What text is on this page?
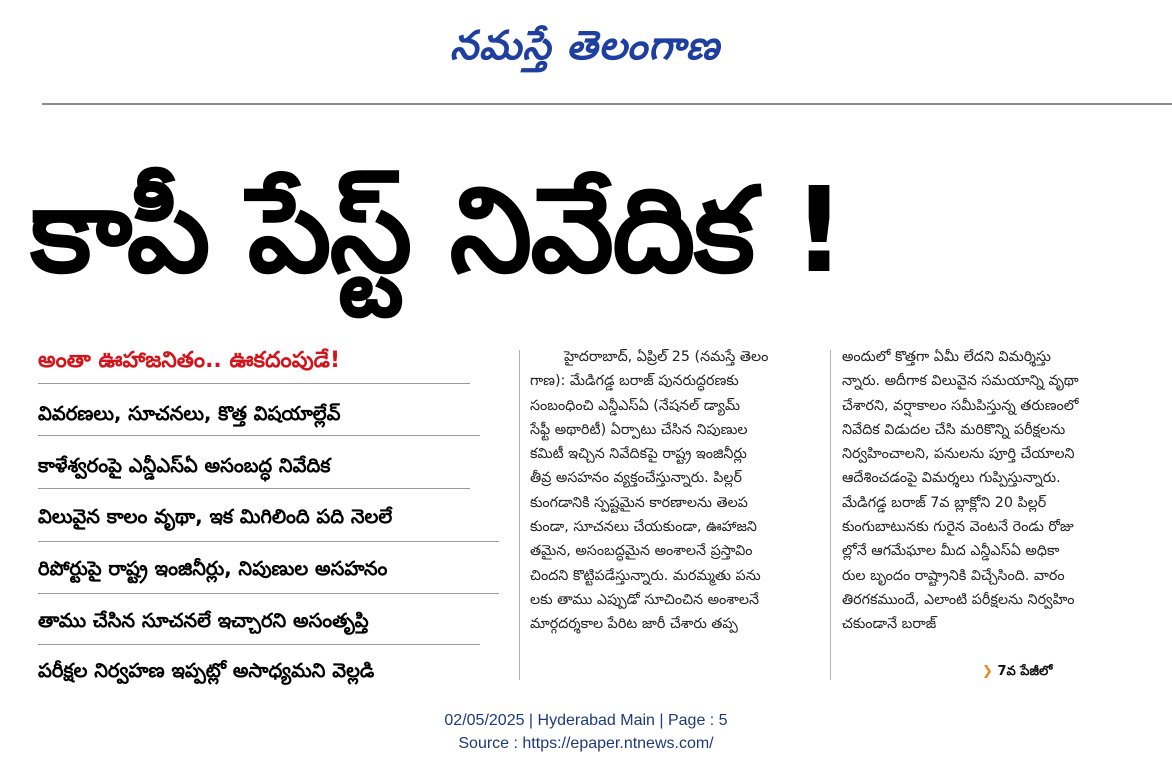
నమస్తే తెలంగాణ
కాపీ పేస్ట్ నివేదిక !
అంతా ఊహాజనితం.. ఊకదంపుడే!
వివరణలు, సూచనలు, కొత్త విషయాల్లేవ్
కాళేశ్వరంపై ఎన్డీఎస్ఏ అసంబద్ధ నివేదిక
విలువైన కాలం వృథా, ఇక మిగిలింది పది నెలలే
రిపోర్టుపై రాష్ట్ర ఇంజినీర్లు, నిపుణుల అసహనం
తాము చేసిన సూచనలే ఇచ్చారని అసంతృప్తి
పరీక్షల నిర్వహణ ఇప్పట్లో అసాధ్యమని వెల్లడి
హైదరాబాద్, ఏప్రిల్ 25 (నమస్తే తెలం
గాణ): మేడిగడ్డ బరాజ్ పునరుద్ధరణకు
సంబంధించి ఎన్డీఎస్ఏ (నేషనల్ డ్యామ్
సేఫ్టీ అథారిటీ) ఏర్పాటు చేసిన నిపుణుల
కమిటీ ఇచ్చిన నివేదికపై రాష్ట్ర ఇంజినీర్లు
తీవ్ర అసహనం వ్యక్తంచేస్తున్నారు. పిల్లర్
కుంగడానికి స్పష్టమైన కారణాలను తెలప
కుండా, సూచనలు చేయకుండా, ఊహాజని
తమైన, అసంబద్ధమైన అంశాలనే ప్రస్తావిం
చిందని కొట్టిపడేస్తున్నారు. మరమ్మతు పను
లకు తాము ఎప్పుడో సూచించిన అంశాలనే
మార్గదర్శకాల పేరిట జారీ చేశారు తప్ప
అందులో కొత్తగా ఏమీ లేదని విమర్శిస్తు
న్నారు. అదీగాక విలువైన సమయాన్ని వృథా
చేశారని, వర్షాకాలం సమీపిస్తున్న తరుణంలో
నివేదిక విడుదల చేసి మరికొన్ని పరీక్షలను
నిర్వహించాలని, పనులను పూర్తి చేయాలని
ఆదేశించడంపై విమర్శలు గుప్పిస్తున్నారు.
మేడిగడ్డ బరాజ్ 7వ బ్లాక్లోని 20 పిల్లర్
కుంగుబాటునకు గురైన వెంటనే రెండు రోజు
ల్లోనే ఆగమేఘాల మీద ఎన్డీఎస్ఏ అధికా
రుల బృందం రాష్ట్రానికి విచ్చేసింది. వారం
తిరగకముందే, ఎలాంటి పరీక్షలను నిర్వహిం
చకుండానే బరాజ్
❯ 7వ పేజీలో
02/05/2025 | Hyderabad Main | Page : 5
Source : https://epaper.ntnews.com/
